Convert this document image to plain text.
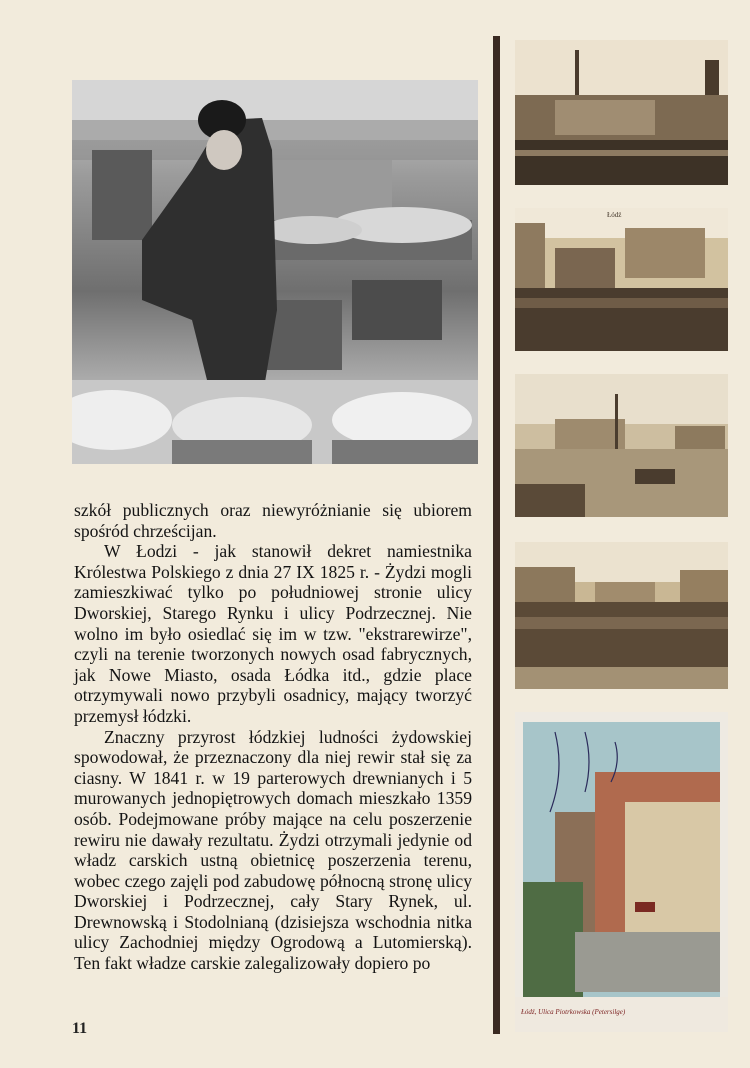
Łódź
Łódź, Ulica Piotrkowska (Petersilge)

szkół publicznych oraz niewyróżnianie się ubiorem spośród chrześcijan.

W Łodzi - jak stanowił dekret namiestnika Królestwa Polskiego z dnia 27 IX 1825 r. - Żydzi mogli zamieszkiwać tylko po południowej stronie ulicy Dworskiej, Starego Rynku i ulicy Podrzecznej. Nie wolno im było osiedlać się im w tzw. "ekstrarewirze", czyli na terenie tworzonych nowych osad fabrycznych, jak Nowe Miasto, osada Łódka itd., gdzie place otrzymywali nowo przybyli osadnicy, mający tworzyć przemysł łódzki.

Znaczny przyrost łódzkiej ludności żydowskiej spowodował, że przeznaczony dla niej rewir stał się za ciasny. W 1841 r. w 19 parterowych drewnianych i 5 murowanych jednopiętrowych domach mieszkało 1359 osób. Podejmowane próby mające na celu poszerzenie rewiru nie dawały rezultatu. Żydzi otrzymali jedynie od władz carskich ustną obietnicę poszerzenia terenu, wobec czego zajęli pod zabudowę północną stronę ulicy Dworskiej i Podrzecznej, cały Stary Rynek, ul. Drewnowską i Stodolnianą (dzisiejsza wschodnia nitka ulicy Zachodniej między Ogrodową a Lutomierską). Ten fakt władze carskie zalegalizowały dopiero po

11
